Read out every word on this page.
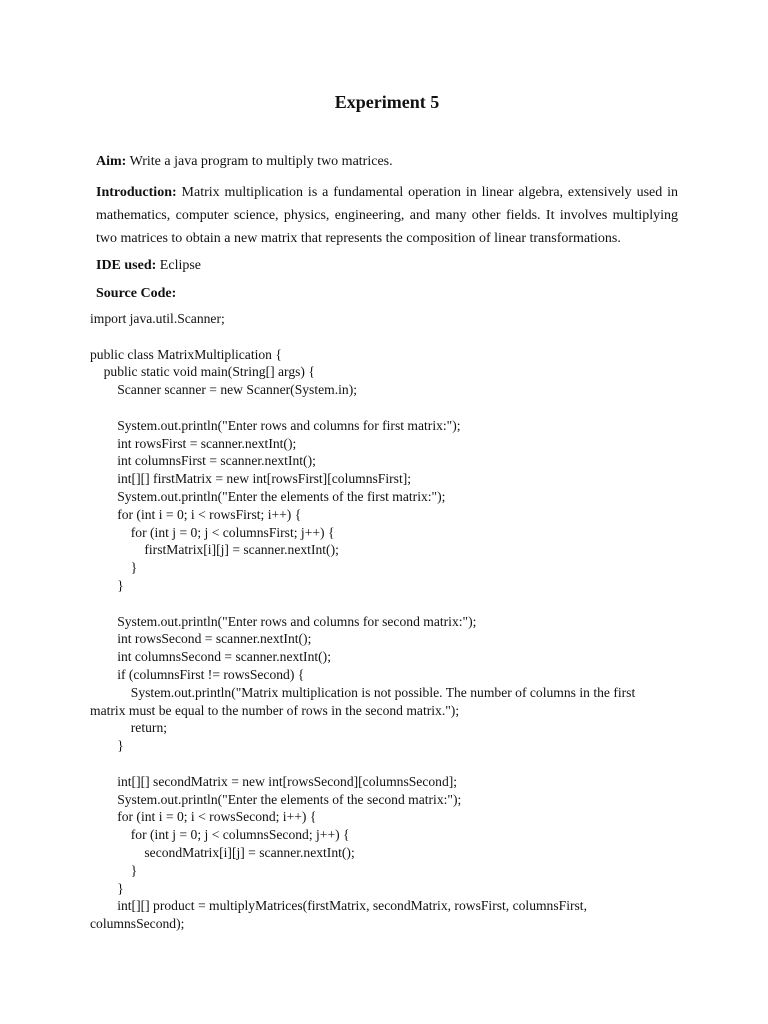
Experiment 5

Aim: Write a java program to multiply two matrices.

Introduction: Matrix multiplication is a fundamental operation in linear algebra, extensively used in mathematics, computer science, physics, engineering, and many other fields. It involves multiplying two matrices to obtain a new matrix that represents the composition of linear transformations.

IDE used: Eclipse

Source Code:

import java.util.Scanner;
public class MatrixMultiplication {
public static void main(String[] args) {
Scanner scanner = new Scanner(System.in);
System.out.println("Enter rows and columns for first matrix:");
int rowsFirst = scanner.nextInt();
int columnsFirst = scanner.nextInt();
int[][] firstMatrix = new int[rowsFirst][columnsFirst];
System.out.println("Enter the elements of the first matrix:");
for (int i = 0; i < rowsFirst; i++) {
for (int j = 0; j < columnsFirst; j++) {
firstMatrix[i][j] = scanner.nextInt();
}
}
System.out.println("Enter rows and columns for second matrix:");
int rowsSecond = scanner.nextInt();
int columnsSecond = scanner.nextInt();
if (columnsFirst != rowsSecond) {
System.out.println("Matrix multiplication is not possible. The number of columns in the first
matrix must be equal to the number of rows in the second matrix.");
return;
}
int[][] secondMatrix = new int[rowsSecond][columnsSecond];
System.out.println("Enter the elements of the second matrix:");
for (int i = 0; i < rowsSecond; i++) {
for (int j = 0; j < columnsSecond; j++) {
secondMatrix[i][j] = scanner.nextInt();
}
}
int[][] product = multiplyMatrices(firstMatrix, secondMatrix, rowsFirst, columnsFirst,
columnsSecond);
